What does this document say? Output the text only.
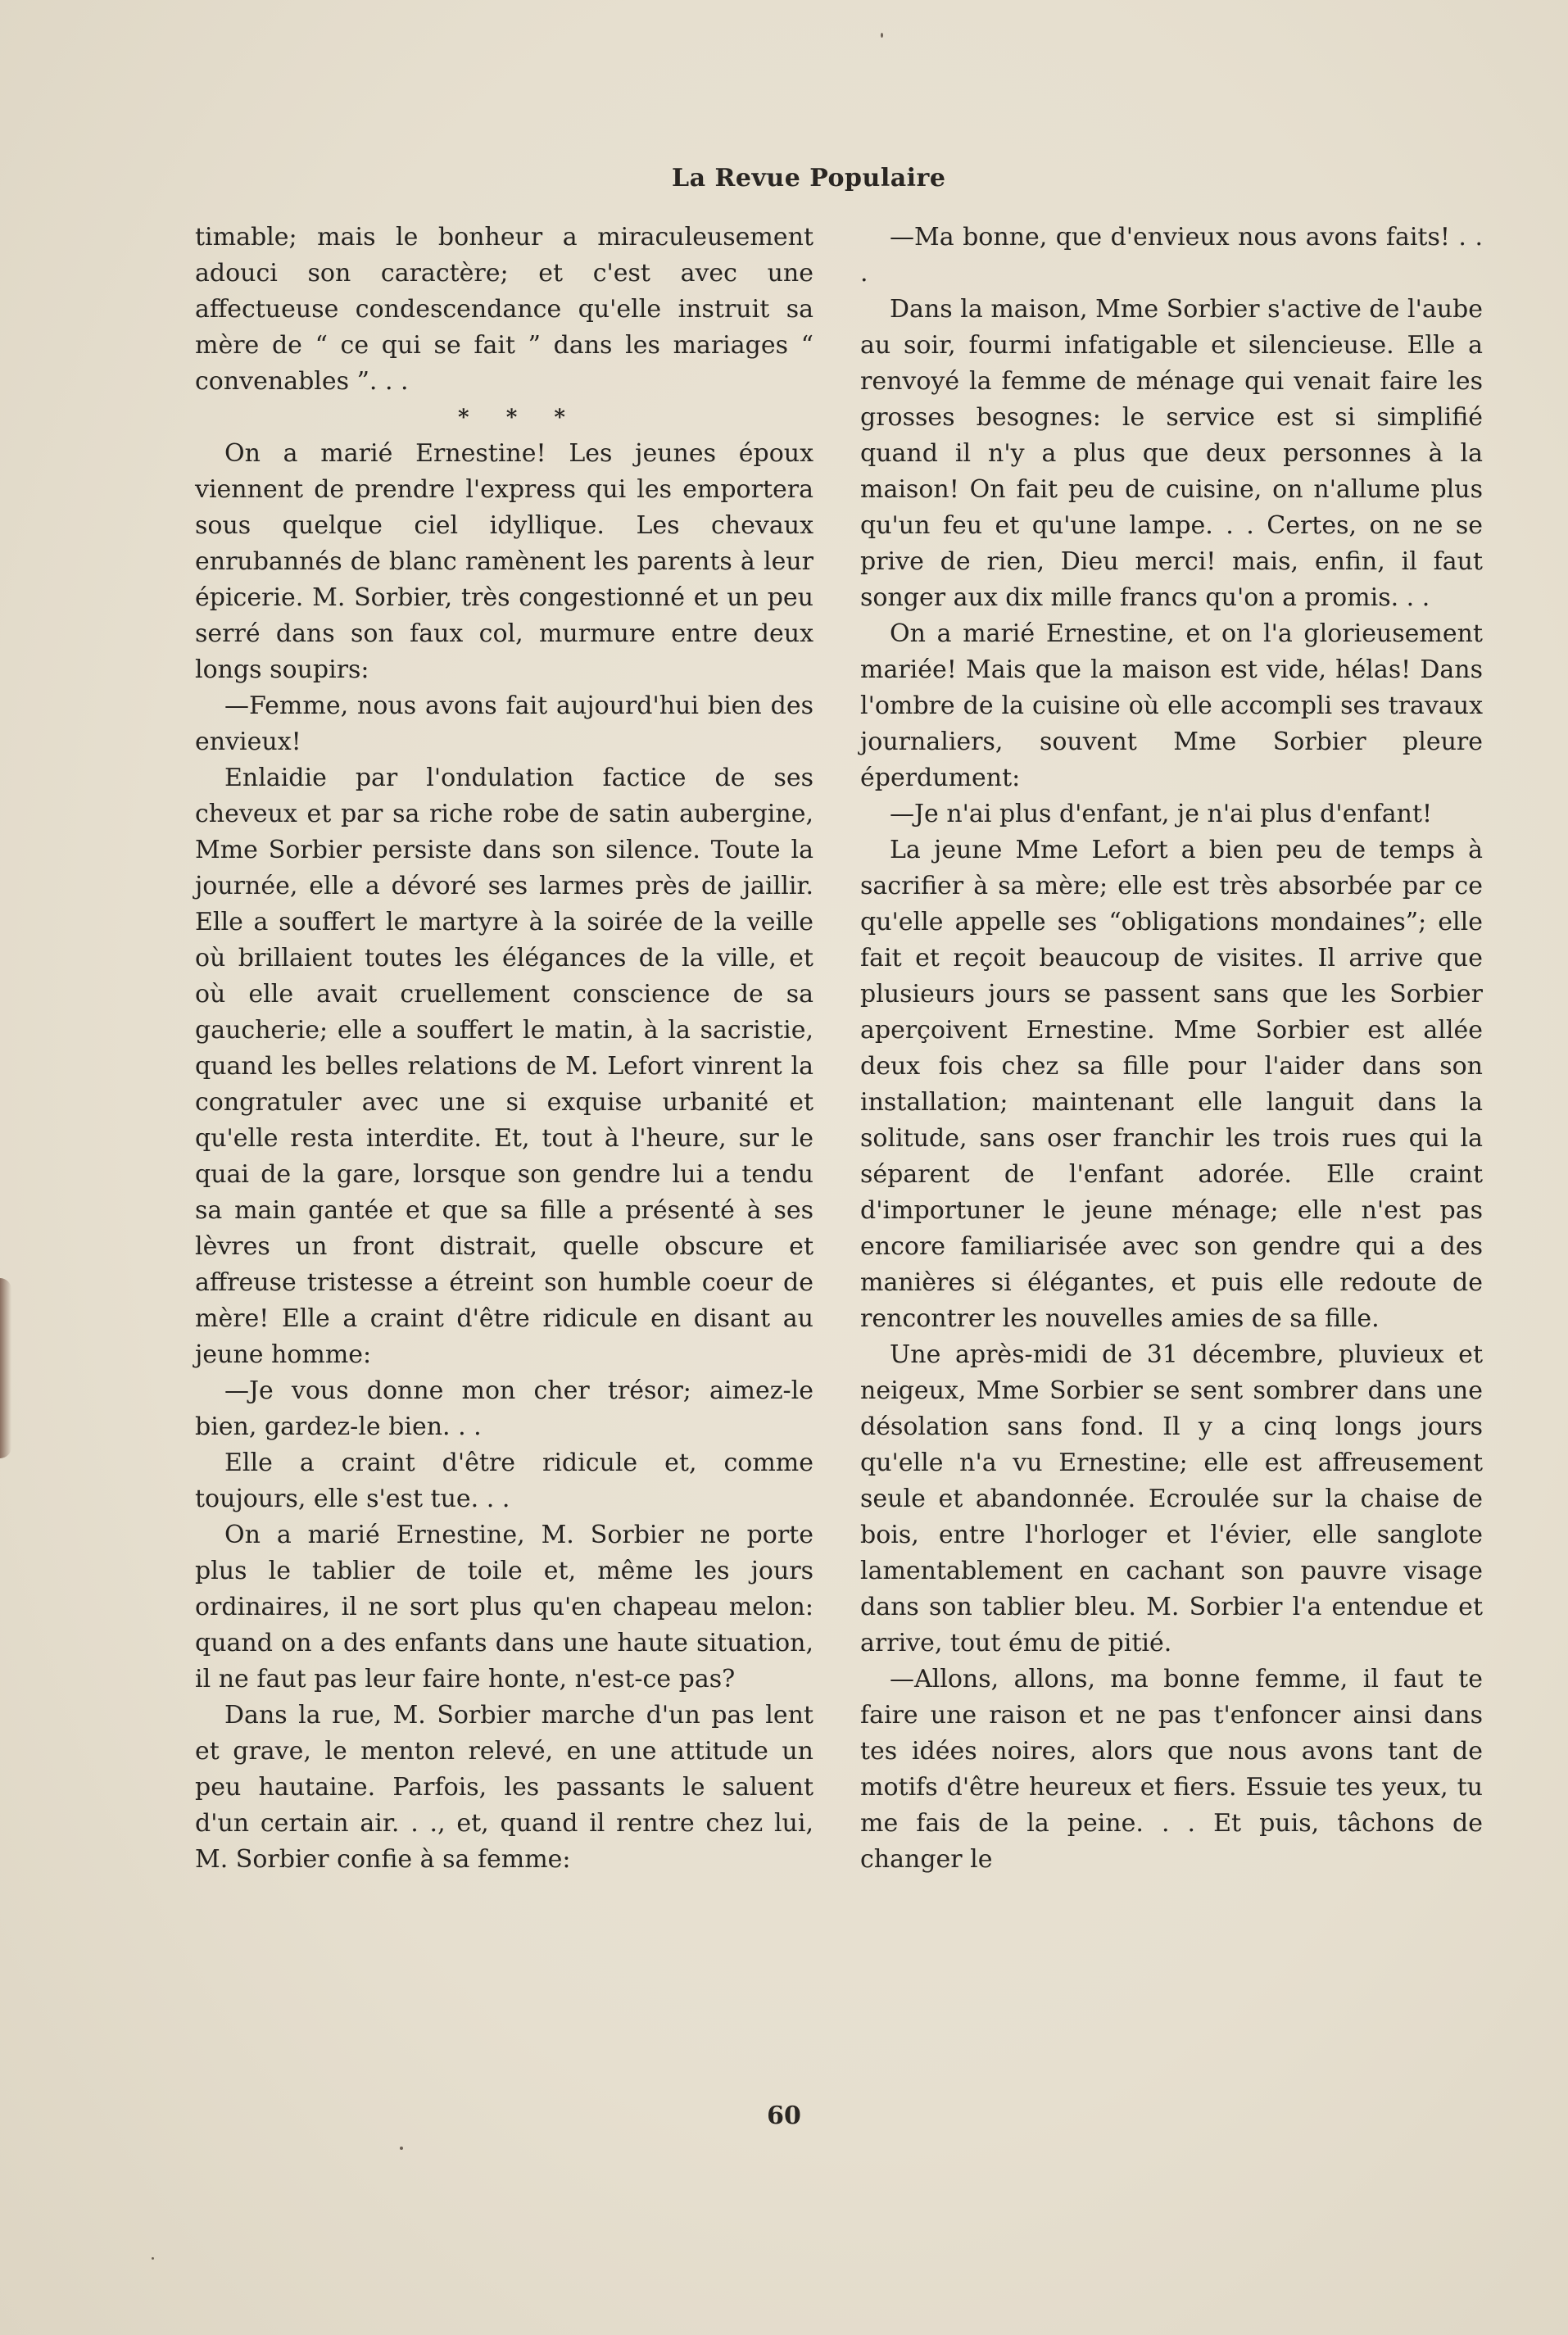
La Revue Populaire

timable; mais le bonheur a miraculeusement adouci son caractère; et c'est avec une affectueuse condescendance qu'elle instruit sa mère de “ ce qui se fait ” dans les mariages “ convenables ”. . .

* * *

On a marié Ernestine! Les jeunes époux viennent de prendre l'express qui les emportera sous quelque ciel idyllique. Les chevaux enrubannés de blanc ramènent les parents à leur épicerie. M. Sorbier, très congestionné et un peu serré dans son faux col, murmure entre deux longs soupirs:

—Femme, nous avons fait aujourd'hui bien des envieux!

Enlaidie par l'ondulation factice de ses cheveux et par sa riche robe de satin aubergine, Mme Sorbier persiste dans son silence. Toute la journée, elle a dévoré ses larmes près de jaillir. Elle a souffert le martyre à la soirée de la veille où brillaient toutes les élégances de la ville, et où elle avait cruellement conscience de sa gaucherie; elle a souffert le matin, à la sacristie, quand les belles relations de M. Lefort vinrent la congratuler avec une si exquise urbanité et qu'elle resta interdite. Et, tout à l'heure, sur le quai de la gare, lorsque son gendre lui a tendu sa main gantée et que sa fille a présenté à ses lèvres un front distrait, quelle obscure et affreuse tristesse a étreint son humble coeur de mère! Elle a craint d'être ridicule en disant au jeune homme:

—Je vous donne mon cher trésor; aimez-le bien, gardez-le bien. . .

Elle a craint d'être ridicule et, comme toujours, elle s'est tue. . .

On a marié Ernestine, M. Sorbier ne porte plus le tablier de toile et, même les jours ordinaires, il ne sort plus qu'en chapeau melon: quand on a des enfants dans une haute situation, il ne faut pas leur faire honte, n'est-ce pas?

Dans la rue, M. Sorbier marche d'un pas lent et grave, le menton relevé, en une attitude un peu hautaine. Parfois, les passants le saluent d'un certain air. . ., et, quand il rentre chez lui, M. Sorbier confie à sa femme:

—Ma bonne, que d'envieux nous avons faits! . . .

Dans la maison, Mme Sorbier s'active de l'aube au soir, fourmi infatigable et silencieuse. Elle a renvoyé la femme de ménage qui venait faire les grosses besognes: le service est si simplifié quand il n'y a plus que deux personnes à la maison! On fait peu de cuisine, on n'allume plus qu'un feu et qu'une lampe. . . Certes, on ne se prive de rien, Dieu merci! mais, enfin, il faut songer aux dix mille francs qu'on a promis. . .

On a marié Ernestine, et on l'a glorieusement mariée! Mais que la maison est vide, hélas! Dans l'ombre de la cuisine où elle accompli ses travaux journaliers, souvent Mme Sorbier pleure éperdument:

—Je n'ai plus d'enfant, je n'ai plus d'enfant!

La jeune Mme Lefort a bien peu de temps à sacrifier à sa mère; elle est très absorbée par ce qu'elle appelle ses “obligations mondaines”; elle fait et reçoit beaucoup de visites. Il arrive que plusieurs jours se passent sans que les Sorbier aperçoivent Ernestine. Mme Sorbier est allée deux fois chez sa fille pour l'aider dans son installation; maintenant elle languit dans la solitude, sans oser franchir les trois rues qui la séparent de l'enfant adorée. Elle craint d'importuner le jeune ménage; elle n'est pas encore familiarisée avec son gendre qui a des manières si élégantes, et puis elle redoute de rencontrer les nouvelles amies de sa fille.

Une après-midi de 31 décembre, pluvieux et neigeux, Mme Sorbier se sent sombrer dans une désolation sans fond. Il y a cinq longs jours qu'elle n'a vu Ernestine; elle est affreusement seule et abandonnée. Ecroulée sur la chaise de bois, entre l'horloger et l'évier, elle sanglote lamentablement en cachant son pauvre visage dans son tablier bleu. M. Sorbier l'a entendue et arrive, tout ému de pitié.

—Allons, allons, ma bonne femme, il faut te faire une raison et ne pas t'enfoncer ainsi dans tes idées noires, alors que nous avons tant de motifs d'être heureux et fiers. Essuie tes yeux, tu me fais de la peine. . . Et puis, tâchons de changer le

60
